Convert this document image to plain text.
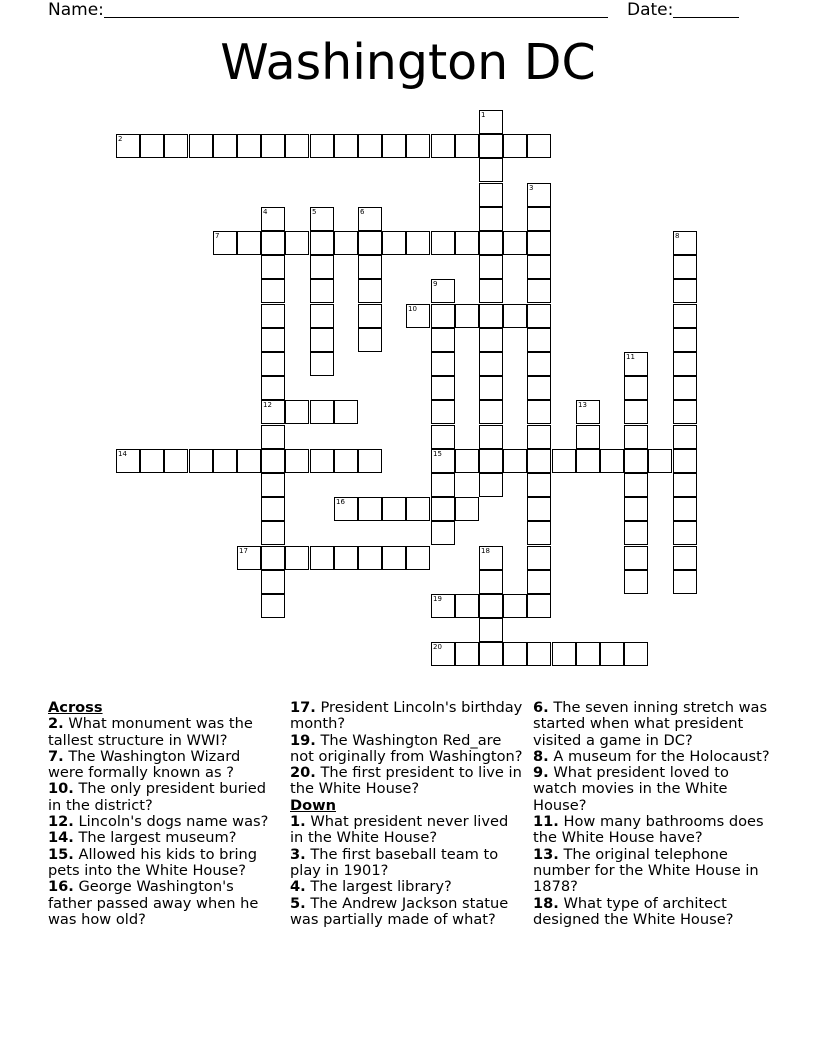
Name:	Date:
Washington DC
2
7
10
12
14	15
16
17
19
20
1
3
4	5	6
8
9
11
13
18
Across
2. What monument was the tallest structure in WWI?
7. The Washington Wizard were formally known as ?
10. The only president buried in the district?
12. Lincoln's dogs name was?
14. The largest museum?
15. Allowed his kids to bring pets into the White House?
16. George Washington's father passed away when he was how old?
17. President Lincoln's birthday month?
19. The Washington Red_are not originally from Washington?
20. The first president to live in the White House?
Down
1. What president never lived in the White House?
3. The first baseball team to play in 1901?
4. The largest library?
5. The Andrew Jackson statue was partially made of what?
6. The seven inning stretch was started when what president visited a game in DC?
8. A museum for the Holocaust?
9. What president loved to watch movies in the White House?
11. How many bathrooms does the White House have?
13. The original telephone number for the White House in 1878?
18. What type of architect designed the White House?
